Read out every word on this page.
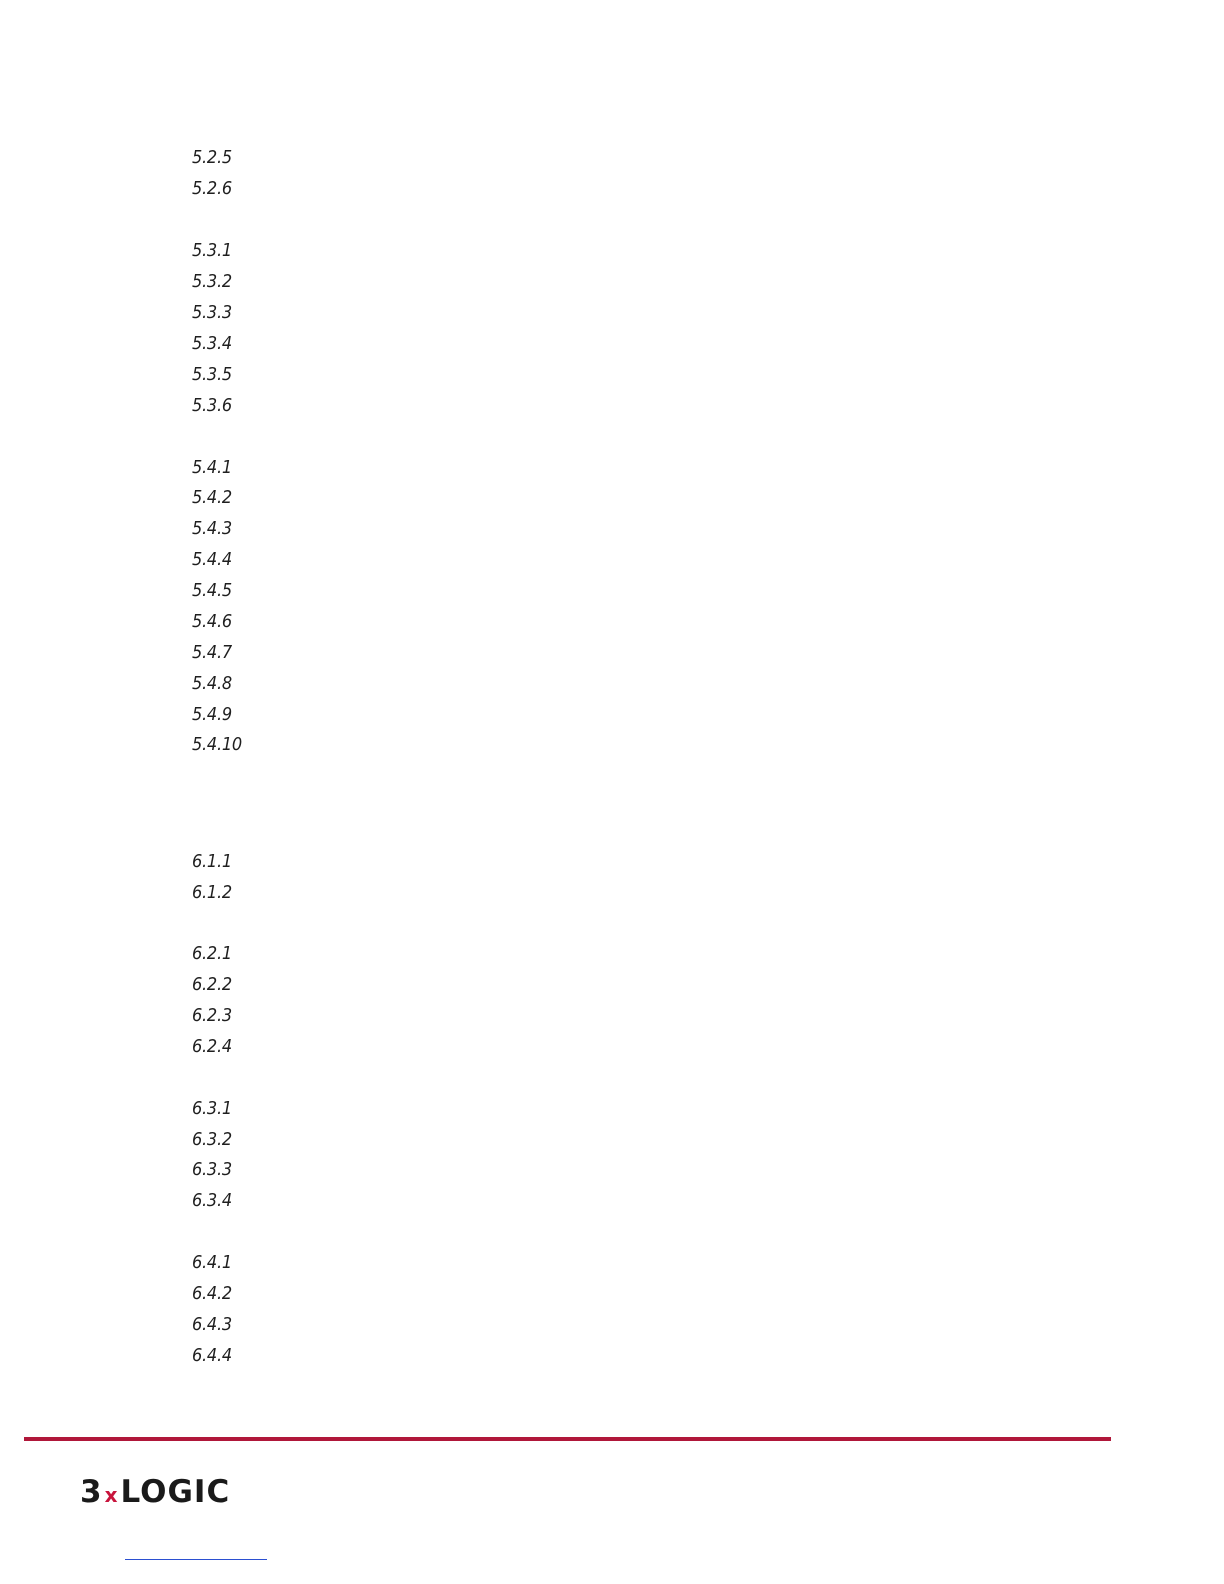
5.2.5
5.2.6
5.3.1
5.3.2
5.3.3
5.3.4
5.3.5
5.3.6
5.4.1
5.4.2
5.4.3
5.4.4
5.4.5
5.4.6
5.4.7
5.4.8
5.4.9
5.4.10
6.1.1
6.1.2
6.2.1
6.2.2
6.2.3
6.2.4
6.3.1
6.3.2
6.3.3
6.3.4
6.4.1
6.4.2
6.4.3
6.4.4
3 x LOGIC
